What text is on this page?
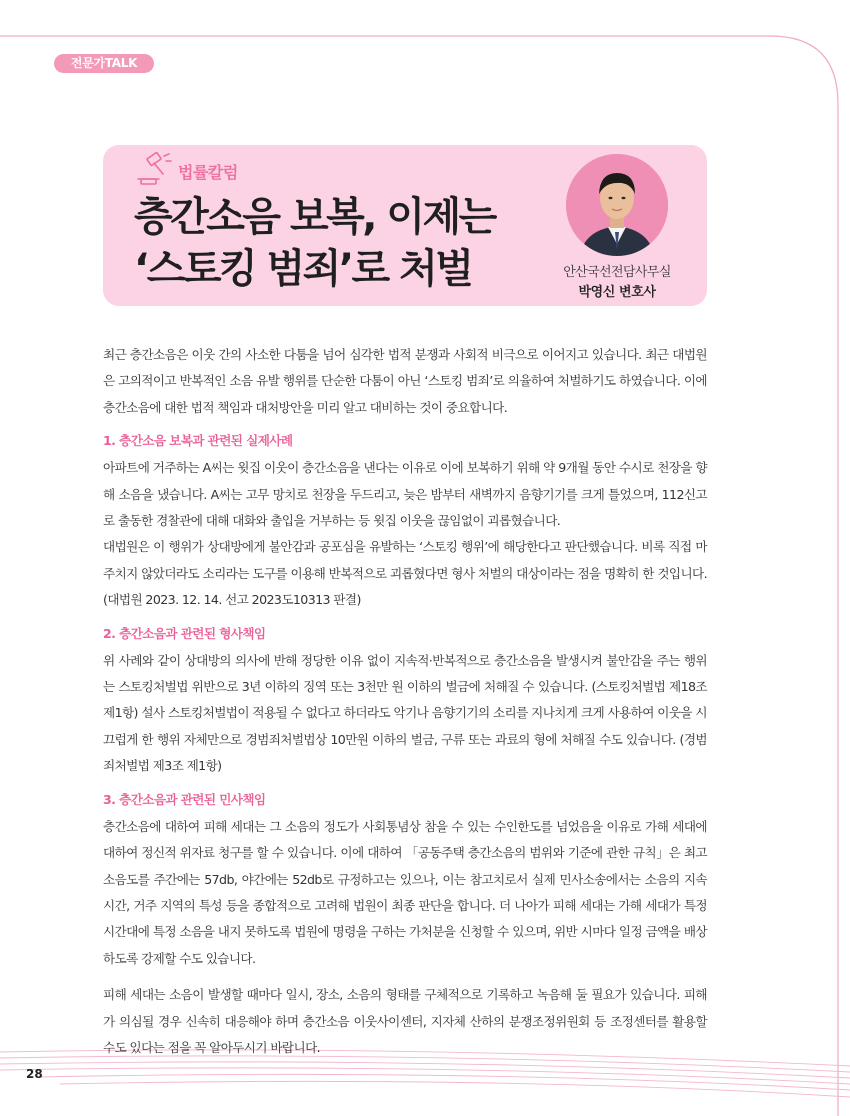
전문가TALK
법률칼럼
층간소음 보복, 이제는
‘스토킹 범죄’로 처벌	안산국선전담사무실
박영신 변호사

최근 층간소음은 이웃 간의 사소한 다툼을 넘어 심각한 법적 분쟁과 사회적 비극으로 이어지고 있습니다. 최근 대법원은 고의적이고 반복적인 소음 유발 행위를 단순한 다툼이 아닌 ‘스토킹 범죄’로 의율하여 처벌하기도 하였습니다. 이에 층간소음에 대한 법적 책임과 대처방안을 미리 알고 대비하는 것이 중요합니다.

1. 층간소음 보복과 관련된 실제사례

아파트에 거주하는 A씨는 윗집 이웃이 층간소음을 낸다는 이유로 이에 보복하기 위해 약 9개월 동안 수시로 천장을 향해 소음을 냈습니다. A씨는 고무 망치로 천장을 두드리고, 늦은 밤부터 새벽까지 음향기기를 크게 틀었으며, 112신고로 출동한 경찰관에 대해 대화와 출입을 거부하는 등 윗집 이웃을 끊임없이 괴롭혔습니다.

대법원은 이 행위가 상대방에게 불안감과 공포심을 유발하는 ‘스토킹 행위’에 해당한다고 판단했습니다. 비록 직접 마주치지 않았더라도 소리라는 도구를 이용해 반복적으로 괴롭혔다면 형사 처벌의 대상이라는 점을 명확히 한 것입니다. (대법원 2023. 12. 14. 선고 2023도10313 판결)

2. 층간소음과 관련된 형사책임

위 사례와 같이 상대방의 의사에 반해 정당한 이유 없이 지속적·반복적으로 층간소음을 발생시켜 불안감을 주는 행위는 스토킹처벌법 위반으로 3년 이하의 징역 또는 3천만 원 이하의 벌금에 처해질 수 있습니다. (스토킹처벌법 제18조 제1항) 설사 스토킹처벌법이 적용될 수 없다고 하더라도 악기나 음향기기의 소리를 지나치게 크게 사용하여 이웃을 시끄럽게 한 행위 자체만으로 경범죄처벌법상 10만원 이하의 벌금, 구류 또는 과료의 형에 처해질 수도 있습니다. (경범죄처벌법 제3조 제1항)

3. 층간소음과 관련된 민사책임

층간소음에 대하여 피해 세대는 그 소음의 정도가 사회통념상 참을 수 있는 수인한도를 넘었음을 이유로 가해 세대에 대하여 정신적 위자료 청구를 할 수 있습니다. 이에 대하여 「공동주택 층간소음의 범위와 기준에 관한 규칙」은 최고소음도를 주간에는 57db, 야간에는 52db로 규정하고는 있으나, 이는 참고치로서 실제 민사소송에서는 소음의 지속시간, 거주 지역의 특성 등을 종합적으로 고려해 법원이 최종 판단을 합니다. 더 나아가 피해 세대는 가해 세대가 특정 시간대에 특정 소음을 내지 못하도록 법원에 명령을 구하는 가처분을 신청할 수 있으며, 위반 시마다 일정 금액을 배상하도록 강제할 수도 있습니다.

피해 세대는 소음이 발생할 때마다 일시, 장소, 소음의 형태를 구체적으로 기록하고 녹음해 둘 필요가 있습니다. 피해가 의심될 경우 신속히 대응해야 하며 층간소음 이웃사이센터, 지자체 산하의 분쟁조정위원회 등 조정센터를 활용할 수도 있다는 점을 꼭 알아두시기 바랍니다.

28
